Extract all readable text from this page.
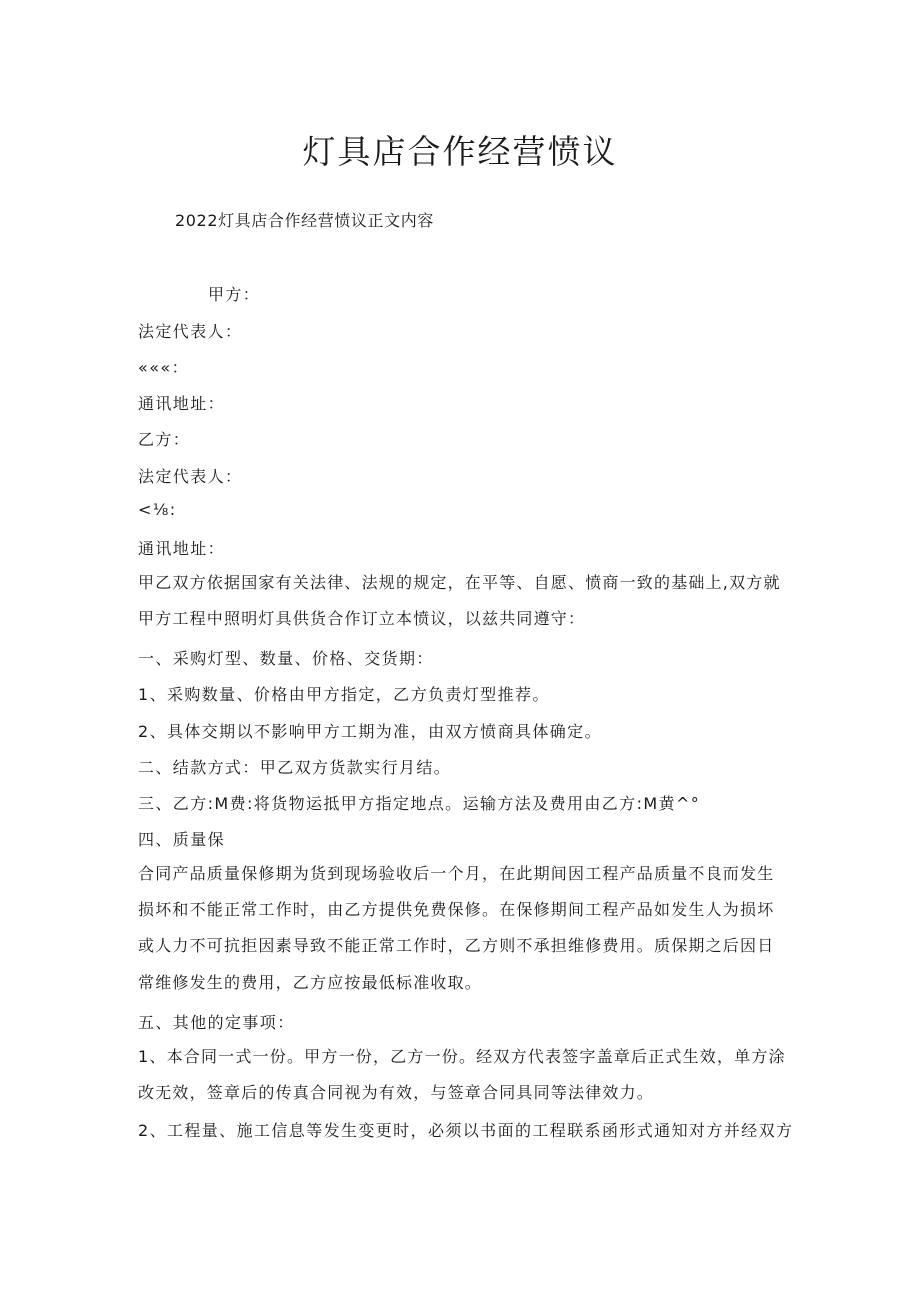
灯具店合作经营愤议
2022灯具店合作经营愤议正文内容
甲方：
法定代表人：
«««：
通讯地址：
乙方：
法定代表人：
<⅛:
通讯地址：
甲乙双方依据国家有关法律、法规的规定，在平等、自愿、愤商一致的基础上,双方就甲方工程中照明灯具供货合作订立本愤议，以兹共同遵守：
一、采购灯型、数量、价格、交货期：
1、采购数量、价格由甲方指定，乙方负责灯型推荐。
2、具体交期以不影响甲方工期为准，由双方愤商具体确定。
二、结款方式：甲乙双方货款实行月结。
三、乙方:M费:将货物运抵甲方指定地点。运输方法及费用由乙方:M黄^°
四、质量保
合同产品质量保修期为货到现场验收后一个月，在此期间因工程产品质量不良而发生损坏和不能正常工作时，由乙方提供免费保修。在保修期间工程产品如发生人为损坏或人力不可抗拒因素导致不能正常工作时，乙方则不承担维修费用。质保期之后因日常维修发生的费用，乙方应按最低标准收取。
五、其他的定事项：
1、本合同一式一份。甲方一份，乙方一份。经双方代表签字盖章后正式生效，单方涂改无效，签章后的传真合同视为有效，与签章合同具同等法律效力。
2、工程量、施工信息等发生变更时，必须以书面的工程联系函形式通知对方并经双方
